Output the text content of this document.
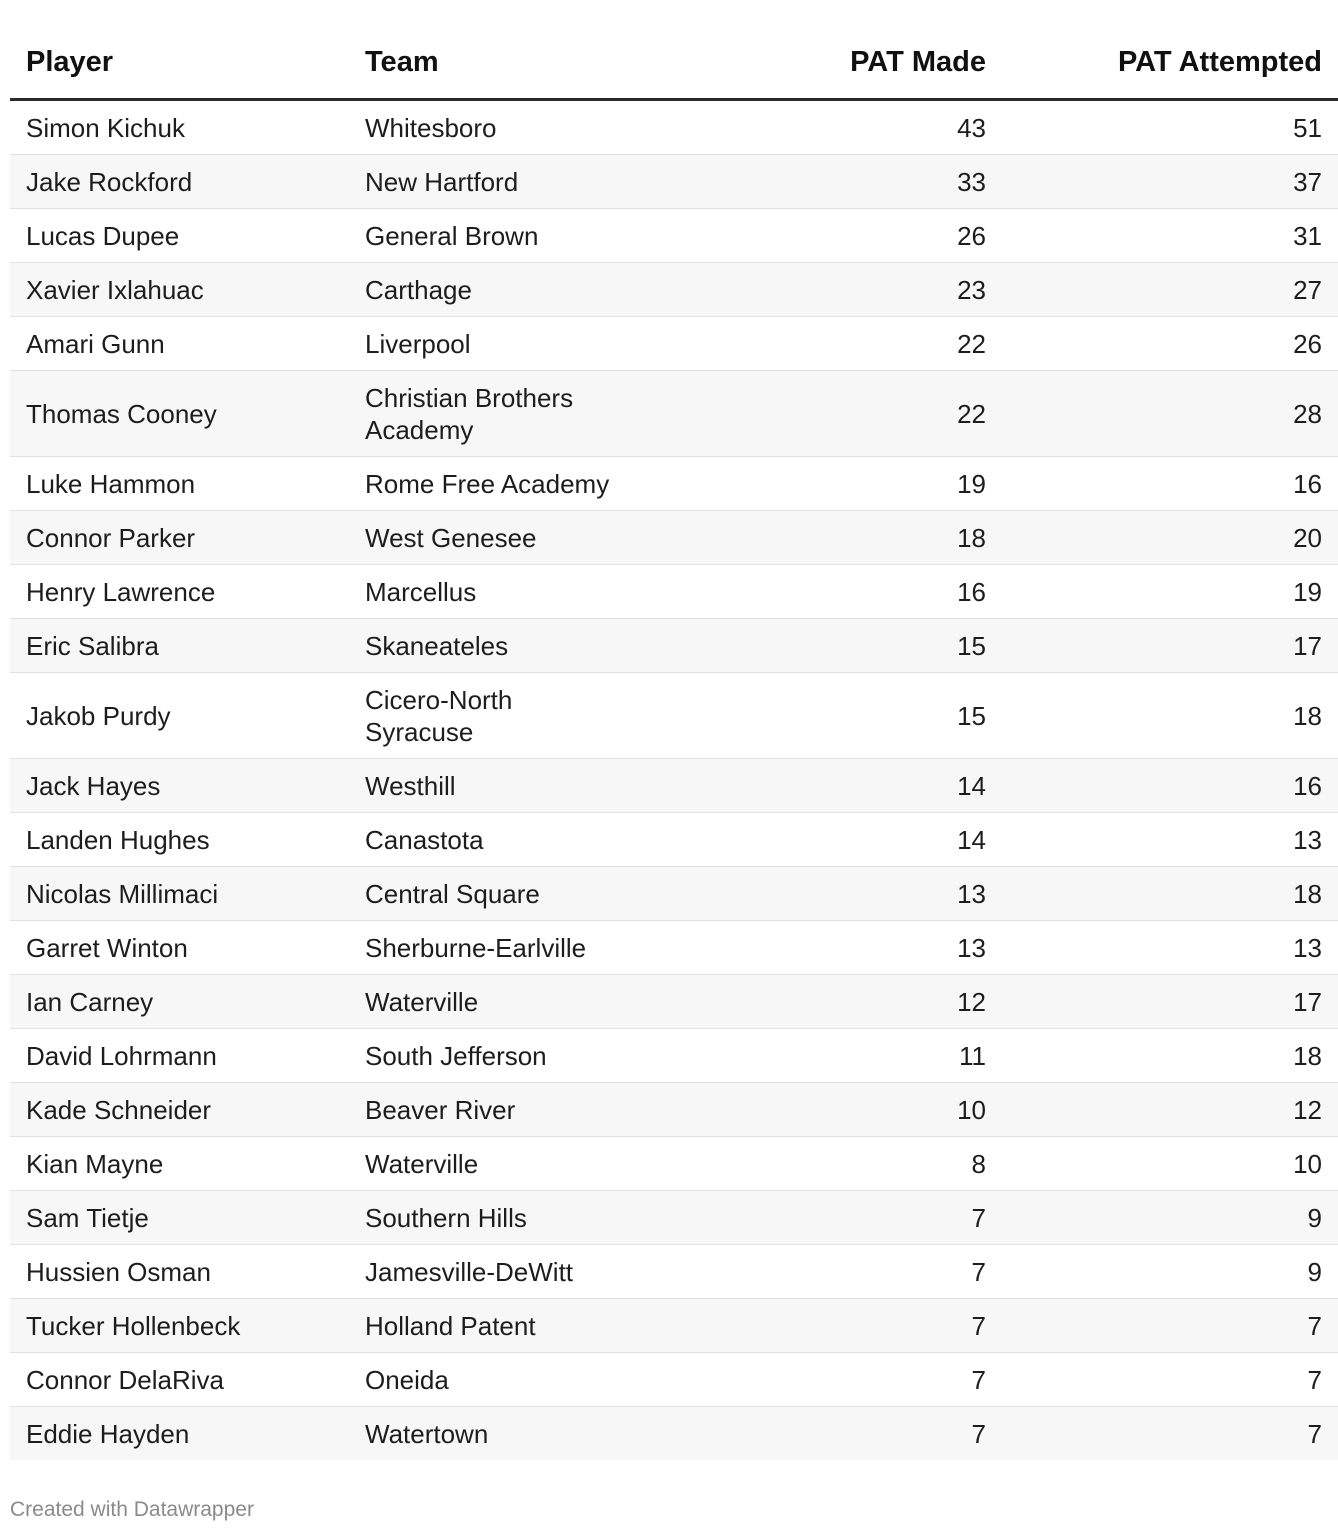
Player	Team	PAT Made	PAT Attempted
Simon Kichuk	Whitesboro	43	51
Jake Rockford	New Hartford	33	37
Lucas Dupee	General Brown	26	31
Xavier Ixlahuac	Carthage	23	27
Amari Gunn	Liverpool	22	26
Thomas Cooney	Christian Brothers Academy	22	28
Luke Hammon	Rome Free Academy	19	16
Connor Parker	West Genesee	18	20
Henry Lawrence	Marcellus	16	19
Eric Salibra	Skaneateles	15	17
Jakob Purdy	Cicero-North Syracuse	15	18
Jack Hayes	Westhill	14	16
Landen Hughes	Canastota	14	13
Nicolas Millimaci	Central Square	13	18
Garret Winton	Sherburne-Earlville	13	13
Ian Carney	Waterville	12	17
David Lohrmann	South Jefferson	11	18
Kade Schneider	Beaver River	10	12
Kian Mayne	Waterville	8	10
Sam Tietje	Southern Hills	7	9
Hussien Osman	Jamesville-DeWitt	7	9
Tucker Hollenbeck	Holland Patent	7	7
Connor DelaRiva	Oneida	7	7
Eddie Hayden	Watertown	7	7
Created with Datawrapper
